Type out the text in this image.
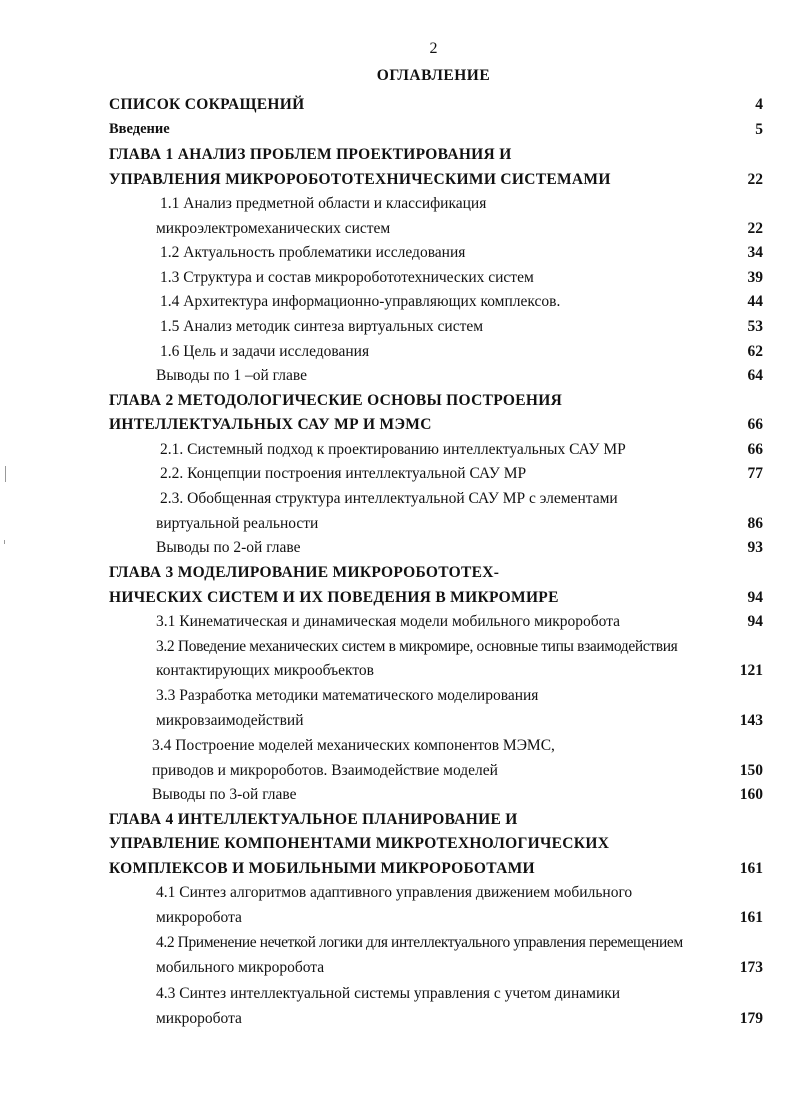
2
ОГЛАВЛЕНИЕ
СПИСОК СОКРАЩЕНИЙ	4
Введение	5
ГЛАВА 1 АНАЛИЗ ПРОБЛЕМ ПРОЕКТИРОВАНИЯ И
УПРАВЛЕНИЯ МИКРОРОБОТОТЕХНИЧЕСКИМИ СИСТЕМАМИ	22
1.1 Анализ предметной области и классификация
микроэлектромеханических систем	22
1.2 Актуальность проблематики исследования	34
1.3 Структура и состав микроробототехнических систем	39
1.4 Архитектура информационно-управляющих комплексов.	44
1.5 Анализ методик синтеза виртуальных систем	53
1.6 Цель и задачи исследования	62
Выводы по 1 –ой главе	64
ГЛАВА 2 МЕТОДОЛОГИЧЕСКИЕ ОСНОВЫ ПОСТРОЕНИЯ
ИНТЕЛЛЕКТУАЛЬНЫХ САУ МР И МЭМС	66
2.1. Системный подход к проектированию интеллектуальных САУ МР	66
2.2. Концепции построения интеллектуальной САУ МР	77
2.3. Обобщенная структура интеллектуальной САУ МР с элементами
виртуальной реальности	86
Выводы по 2-ой главе	93
ГЛАВА 3 МОДЕЛИРОВАНИЕ МИКРОРОБОТОТЕХ-
НИЧЕСКИХ СИСТЕМ И ИХ ПОВЕДЕНИЯ В МИКРОМИРЕ	94
3.1 Кинематическая и динамическая модели мобильного микроробота	94
3.2 Поведение механических систем в микромире, основные типы взаимодействия
контактирующих микрообъектов	121
3.3 Разработка методики математического моделирования
микровзаимодействий	143
3.4 Построение моделей механических компонентов МЭМС,
приводов и микророботов. Взаимодействие моделей	150
Выводы по 3-ой главе	160
ГЛАВА 4 ИНТЕЛЛЕКТУАЛЬНОЕ ПЛАНИРОВАНИЕ И
УПРАВЛЕНИЕ КОМПОНЕНТАМИ МИКРОТЕХНОЛОГИЧЕСКИХ
КОМПЛЕКСОВ И МОБИЛЬНЫМИ МИКРОРОБОТАМИ	161
4.1 Синтез алгоритмов адаптивного управления движением мобильного
микроробота	161
4.2 Применение нечеткой логики для интеллектуального управления перемещением
мобильного микроробота	173
4.3 Синтез интеллектуальной системы управления с учетом динамики
микроробота	179
